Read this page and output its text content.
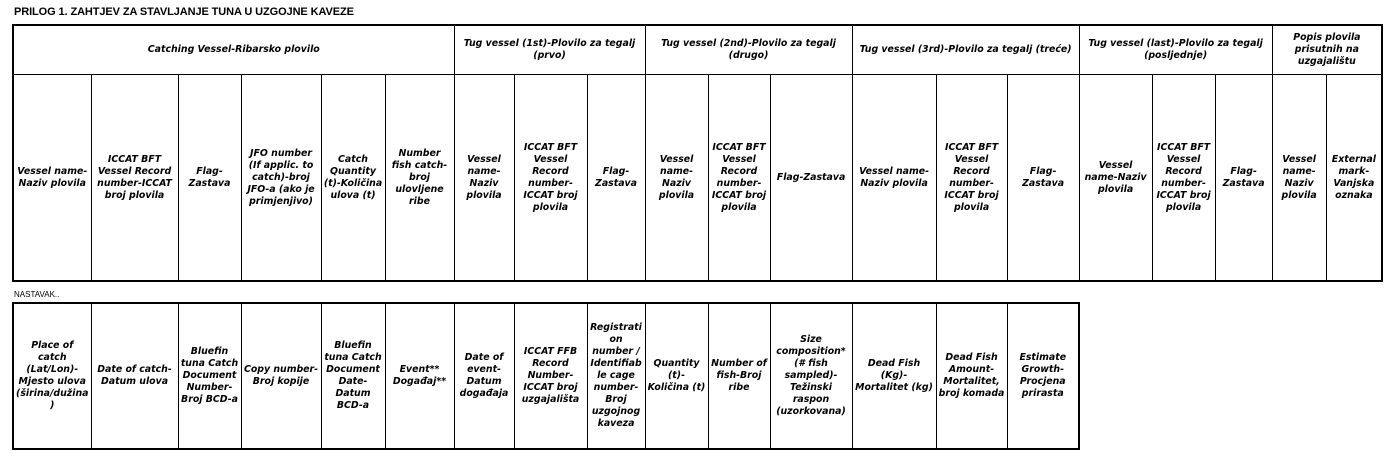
PRILOG 1. ZAHTJEV ZA STAVLJANJE TUNA U UZGOJNE KAVEZE
Catching Vessel-Ribarsko plovilo						Tug vessel (1st)-Plovilo za tegalj (prvo)			Tug vessel (2nd)-Plovilo za tegalj (drugo)			Tug vessel (3rd)-Plovilo za tegalj (treće)			Tug vessel (last)-Plovilo za tegalj (posljednje)			Popis plovila prisutnih na uzgajalištu	
Vessel name-Naziv plovila	ICCAT BFT Vessel Record number-ICCAT broj plovila	Flag-Zastava	JFO number (If applic. to catch)-broj JFO-a (ako je primjenjivo)	Catch Quantity (t)-Količina ulova (t)	Number fish catch-broj ulovljene ribe	Vessel name-Naziv plovila	ICCAT BFT Vessel Record number-ICCAT broj plovila	Flag-Zastava	Vessel name-Naziv plovila	ICCAT BFT Vessel Record number-ICCAT broj plovila	Flag-Zastava	Vessel name-Naziv plovila	ICCAT BFT Vessel Record number-ICCAT broj plovila	Flag-Zastava	Vessel name-Naziv plovila	ICCAT BFT Vessel Record number-ICCAT broj plovila	Flag-Zastava	Vessel name-Naziv plovila	External mark-Vanjska oznaka
NASTAVAK..
Place of catch (Lat/Lon)-Mjesto ulova (širina/dužina)	Date of catch-Datum ulova	Bluefin tuna Catch Document Number-Broj BCD-a	Copy number-Broj kopije	Bluefin tuna Catch Document Date-Datum BCD-a	Event** Događaj**	Date of event-Datum događaja	ICCAT FFB Record Number-ICCAT broj uzgajališta	Registration number / Identifiable cage number-Broj uzgojnog kaveza	Quantity (t)-Količina (t)	Number of fish-Broj ribe	Size composition* (# fish sampled)-Težinski raspon (uzorkovana)	Dead Fish (Kg)-Mortalitet (kg)	Dead Fish Amount-Mortalitet, broj komada	Estimate Growth-Procjena prirasta
